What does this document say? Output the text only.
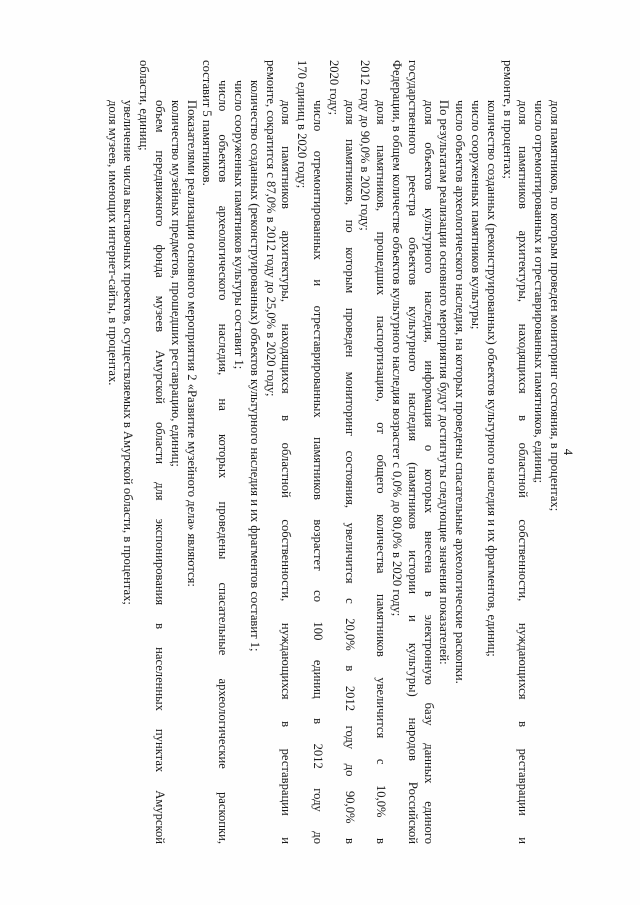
4
доля памятников, по которым проведен мониторинг состояния, в процентах;
число отремонтированных и отреставрированных памятников, единиц;
доля памятников архитектуры, находящихся в областной собственности, нуждающихся в реставрации и
ремонте, в процентах;
количество созданных (реконструированных) объектов культурного наследия и их фрагментов, единиц;
число сооруженных памятников культуры;
число объектов археологического наследия, на которых проведены спасательные археологические раскопки.
По результатам реализации основного мероприятия будут достигнуты следующие значения показателей:
доля объектов культурного наследия, информация о которых внесена в электронную базу данных единого
государственного реестра объектов культурного наследия (памятников истории и культуры) народов Российской
Федерации, в общем количестве объектов культурного наследия возрастет с 0,0% до 80,0% в 2020 году;
доля памятников, прошедших паспортизацию, от общего количества памятников увеличится с 10,0% в
2012 году до 90,0% в 2020 году;
доля памятников, по которым проведен мониторинг состояния, увеличится с 20,0% в 2012 году до 90,0% в
2020 году;
число отремонтированных и отреставрированных памятников возрастет со 100 единиц в 2012 году до
170 единиц в 2020 году;
доля памятников архитектуры, находящихся в областной собственности, нуждающихся в реставрации и
ремонте, сократится с 87,0% в 2012 году до 25,0% в 2020 году;
количество созданных (реконструированных) объектов культурного наследия и их фрагментов составит 1;
число сооруженных памятников культуры составит 1;
число объектов археологического наследия, на которых проведены спасательные археологические раскопки,
составит 5 памятников.
Показателями реализации основного мероприятия 2 «Развитие музейного дела» являются:
количество музейных предметов, прошедших реставрацию, единиц;
объем передвижного фонда музеев Амурской области для экспонирования в населенных пунктах Амурской
области, единиц;
увеличение числа выставочных проектов, осуществляемых в Амурской области, в процентах;
доля музеев, имеющих интернет-сайты, в процентах.
